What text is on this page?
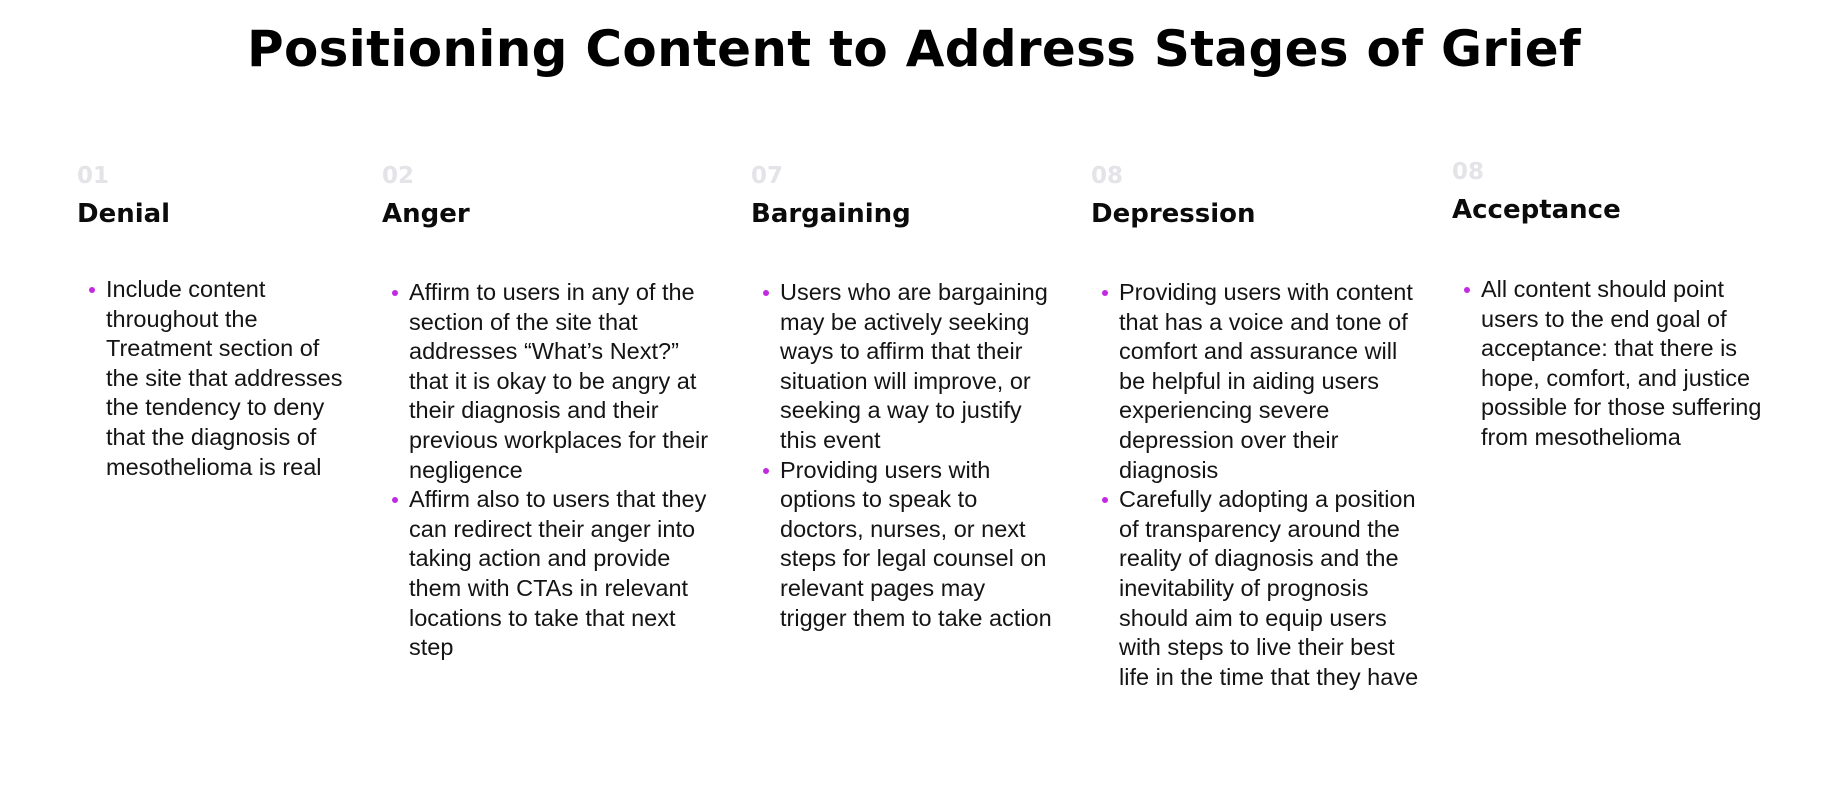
Positioning Content to Address Stages of Grief
01
Denial
Include content throughout the Treatment section of the site that addresses the tendency to deny that the diagnosis of mesothelioma is real
02
Anger
Affirm to users in any of the section of the site that addresses “What’s Next?” that it is okay to be angry at their diagnosis and their previous workplaces for their negligence
Affirm also to users that they can redirect their anger into taking action and provide them with CTAs in relevant locations to take that next step
07
Bargaining
Users who are bargaining may be actively seeking ways to affirm that their situation will improve, or seeking a way to justify this event
Providing users with options to speak to doctors, nurses, or next steps for legal counsel on relevant pages may trigger them to take action
08
Depression
Providing users with content that has a voice and tone of comfort and assurance will be helpful in aiding users experiencing severe depression over their diagnosis
Carefully adopting a position of transparency around the reality of diagnosis and the inevitability of prognosis should aim to equip users with steps to live their best life in the time that they have
08
Acceptance
All content should point users to the end goal of acceptance: that there is hope, comfort, and justice possible for those suffering from mesothelioma
